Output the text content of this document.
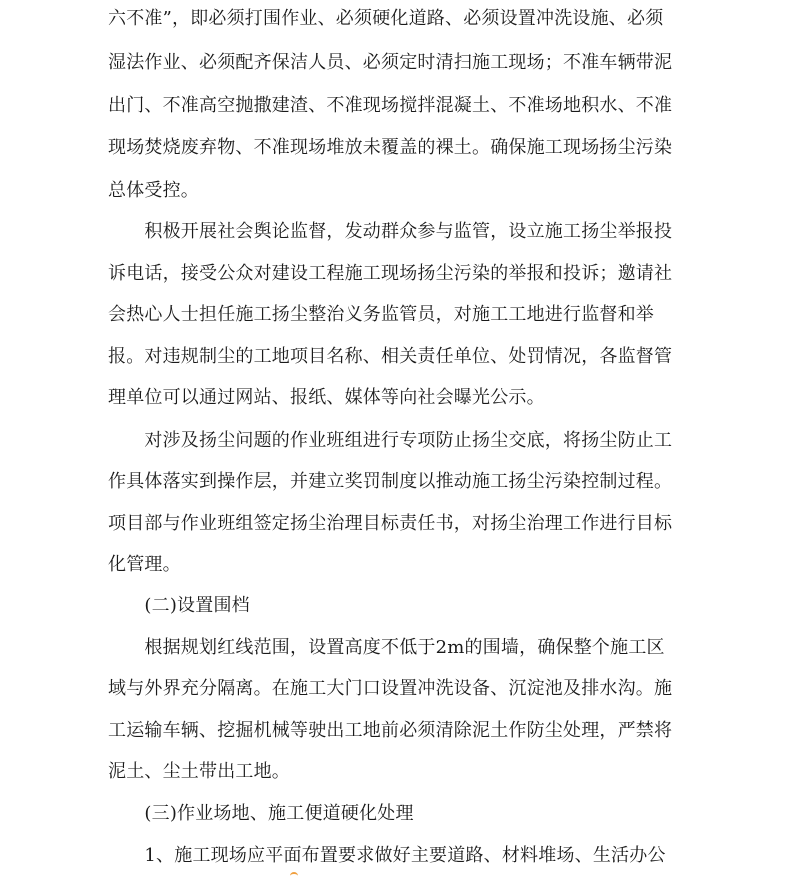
六不准”，即必须打围作业、必须硬化道路、必须设置冲洗设施、必须
湿法作业、必须配齐保洁人员、必须定时清扫施工现场；不准车辆带泥
出门、不准高空抛撒建渣、不准现场搅拌混凝土、不准场地积水、不准
现场焚烧废弃物、不准现场堆放未覆盖的裸土。确保施工现场扬尘污染
总体受控。
　　积极开展社会舆论监督，发动群众参与监管，设立施工扬尘举报投
诉电话，接受公众对建设工程施工现场扬尘污染的举报和投诉；邀请社
会热心人士担任施工扬尘整治义务监管员，对施工工地进行监督和举
报。对违规制尘的工地项目名称、相关责任单位、处罚情况，各监督管
理单位可以通过网站、报纸、媒体等向社会曝光公示。
　　对涉及扬尘问题的作业班组进行专项防止扬尘交底，将扬尘防止工
作具体落实到操作层，并建立奖罚制度以推动施工扬尘污染控制过程。
项目部与作业班组签定扬尘治理目标责任书，对扬尘治理工作进行目标
化管理。
　　(二)设置围档
　　根据规划红线范围，设置高度不低于2m的围墙，确保整个施工区
域与外界充分隔离。在施工大门口设置冲洗设备、沉淀池及排水沟。施
工运输车辆、挖掘机械等驶出工地前必须清除泥土作防尘处理，严禁将
泥土、尘土带出工地。
　　(三)作业场地、施工便道硬化处理
　　1、施工现场应平面布置要求做好主要道路、材料堆场、生活办公
